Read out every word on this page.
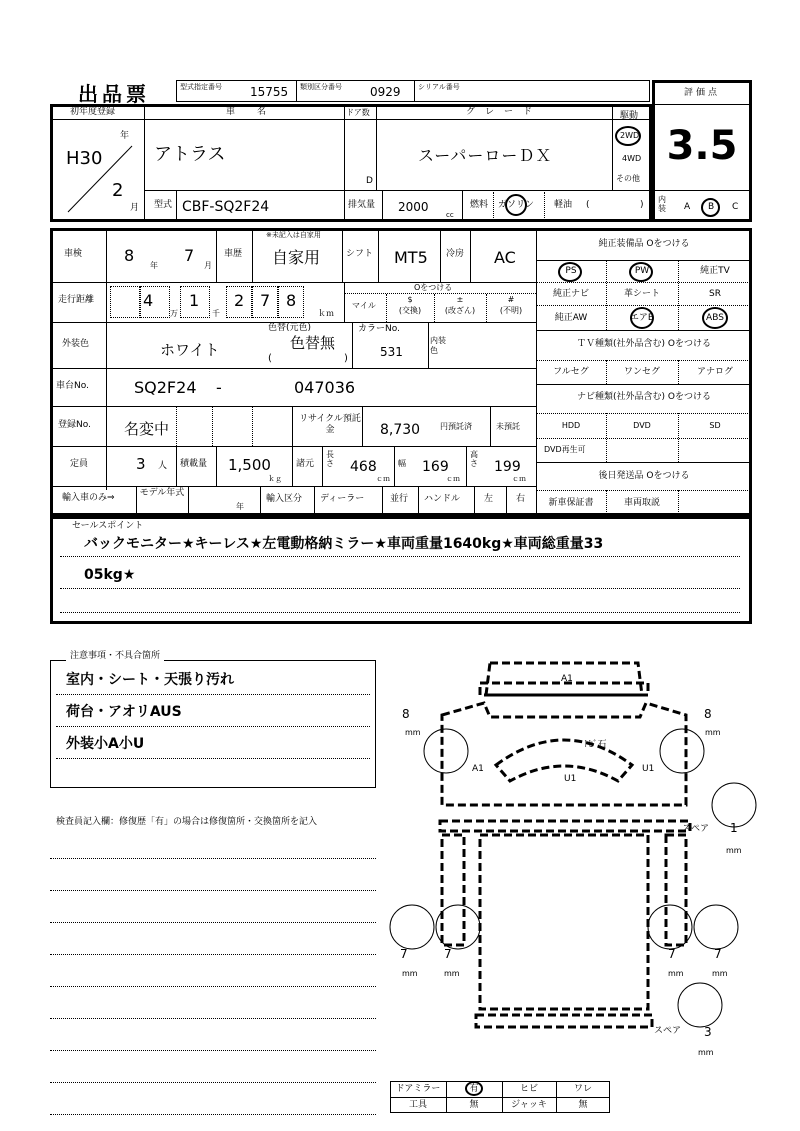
出品票	型式指定番号 15755 類別区分番号 0929 シリアル番号
評価点
3.5
内装	A B C
初年度登録	車名	ドア数	グレード	駆動
年
H30
2
月
アトラス
D
スーパーローＤＸ
2WD
4WD
その他
型式 CBF-SQ2F24	排気量 2000
cc
燃料 ガソリン 軽油 (	)
車検	8
年
7
月
車歴
※未記入は自家用
自家用	シフト MT5 冷房 AC
走行距離	4
万
1
千
2 7 8
ｋｍ
Oをつける
マイル
$
(交換)
±
(改ざん)
#
(不明)
外装色	ホワイト
色替(元色)
色替無
(	)
カラーNo.
531
内装色
車台No.	SQ2F24 -	047036
登録No. 名変中
リサイクル預託金	8,730 円預託済	未預託
定員	3 人 積載量 1,500
ｋｇ
諸元
長さ 468
ｃｍ
幅 169
ｃｍ
高さ 199
ｃｍ
輸入車のみ⇒	モデル年式
年
輸入区分 ディーラー	並行 ハンドル	左	右
純正装備品 Oをつける
PS	PW	純正TV
純正ナビ	革シート	SR
純正AW	エアB	ABS
ＴＶ種類(社外品含む) Oをつける
フルセグ	ワンセグ	アナログ
ナビ種類(社外品含む) Oをつける
HDD	DVD	SD
DVD再生可
後日発送品 Oをつける
新車保証書	車両取説
セールスポイント
バックモニター★キーレス★左電動格納ミラー★車両重量1640kg★車両総重量33
05kg★
注意事項・不具合箇所
室内・シート・天張り汚れ
荷台・アオリAUS
外装小A小U
検査員記入欄：修復歴「有」の場合は修復箇所・交換箇所を記入
A1
A1
U1
U1
ﾄﾋﾞ石
8
mm
8
mm
スペア 1
mm
7
mm
7
mm
7
mm
7
mm
スペア 3
mm
ドアミラー	有	ヒビ	ワレ
工具	無	ジャッキ	無
